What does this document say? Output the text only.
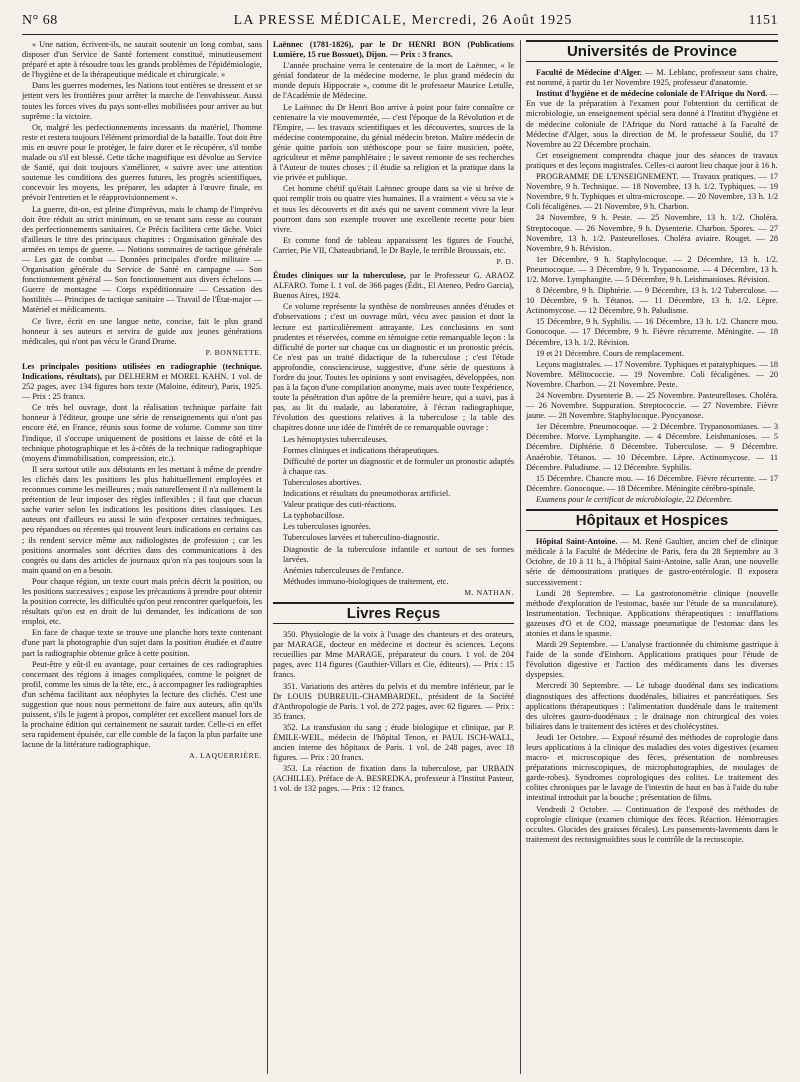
N° 68	LA PRESSE MÉDICALE, Mercredi, 26 Août 1925	1151

« Une nation, écrivent-ils, ne saurait soutenir un long combat, sans disposer d'un Service de Santé fortement constitué, minutieusement préparé et apte à résoudre tous les grands problèmes de l'épidémiologie, de l'hygiène et de la thérapeutique médicale et chirurgicale. »

Dans les guerres modernes, les Nations tout entières se dressent et se jettent vers les frontières pour arrêter la marche de l'envahisseur. Aussi toutes les forces vives du pays sont-elles mobilisées pour arriver au but suprême : la victoire.

Or, malgré les perfectionnements incessants du matériel, l'homme reste et restera toujours l'élément primordial de la bataille. Tout doit être mis en œuvre pour le protéger, le faire durer et le récupérer, s'il tombe malade ou s'il est blessé. Cette tâche magnifique est dévolue au Service de Santé, qui doit toujours s'améliorer, « suivre avec une attention soutenue les conditions des guerres futures, les progrès scientifiques, concevoir les moyens, les préparer, les adapter à l'œuvre finale, en prévoir l'entretien et le réapprovisionnement ».

La guerre, dit-on, est pleine d'imprévus, mais le champ de l'imprévu doit être réduit au strict minimum, en se tenant sans cesse au courant des perfectionnements sanitaires. Ce Précis facilitera cette tâche. Voici d'ailleurs le titre des principaux chapitres : Organisation générale des armées en temps de guerre. — Notions sommaires de tactique générale — Les gaz de combat — Données principales d'ordre militaire — Organisation générale du Service de Santé en campagne — Son fonctionnement général — Son fonctionnement aux divers échelons — Guerre de montagne — Corps expéditionnaire — Cessation des hostilités — Principes de tactique sanitaire — Travail de l'État-major — Matériel et médicaments.

Ce livre, écrit en une langue nette, concise, fait le plus grand honneur à ses auteurs et servira de guide aux jeunes générations médicales, qui n'ont pas vécu le Grand Drame.

P. BONNETTE.

Les principales positions utilisées en radiographie (technique. Indications, résultats), par DELHERM et MOREL KAHN. 1 vol. de 252 pages, avec 134 figures hors texte (Maloine, éditeur), Paris, 1925. — Prix : 25 francs.

Ce très bel ouvrage, dont la réalisation technique parfaite fait honneur à l'éditeur, groupe une série de renseignements qui n'ont pas encore été, en France, réunis sous forme de volume. Comme son titre l'indique, il s'occupe uniquement de positions et laisse de côté et la technique photographique et les à-côtés de la technique radiographique (moyens d'immobilisation, compression, etc.).

Il sera surtout utile aux débutants en les mettant à même de prendre les clichés dans les positions les plus habituellement employées et reconnues comme les meilleures ; mais naturellement il n'a nullement la prétention de leur imposer des règles inflexibles ; il faut que chacun sache varier selon les indications les positions dites classiques. Les auteurs ont d'ailleurs eu aussi le soin d'exposer certaines techniques, peu répandues ou récentes qui trouvent leurs indications en certains cas ; ils rendent service même aux radiologistes de profession ; car les positions anormales sont décrites dans des communications à des congrès ou dans des articles de journaux qu'on n'a pas toujours sous la main quand on en a besoin.

Pour chaque région, un texte court mais précis décrit la position, ou les positions successives ; expose les précautions à prendre pour obtenir la position correcte, les difficultés qu'on peut rencontrer quelquefois, les résultats qu'on est en droit de lui demander, les indications de son emploi, etc.

En face de chaque texte se trouve une planche hors texte contenant d'une part la photographie d'un sujet dans la position étudiée et d'autre part la radiographie obtenue grâce à cette position.

Peut-être y eût-il eu avantage, pour certaines de ces radiographies concernant des régions à images compliquées, comme le poignet de profil, comme les sinus de la tête, etc., à accompagner les radiographies d'un schéma facilitant aux néophytes la lecture des clichés. C'est une suggestion que nous nous permettons de faire aux auteurs, afin qu'ils puissent, s'ils le jugent à propos, compléter cet excellent manuel lors de la prochaine édition qui certainement ne saurait tarder. Celle-ci en effet sera rapidement épuisée, car elle comble de la façon la plus parfaite une lacune de la littérature radiographique.

A. LAQUERRIÈRE.

Laënnec (1781-1826), par le Dr HENRI BON (Publications Lumière, 15 rue Bossuet), Dijon. — Prix : 3 francs.

L'année prochaine verra le centenaire de la mort de Laënnec, « le génial fondateur de la médecine moderne, le plus grand médecin du monde depuis Hippocrate », comme dit le professeur Maurice Letulle, de l'Académie de Médecine.

Le Laënnec du Dr Henri Bon arrive à point pour faire connaître ce centenaire la vie mouvementée, — c'est l'époque de la Révolution et de l'Empire, — les travaux scientifiques et les découvertes, sources de la médecine contemporaine, du génial médecin breton. Maître médecin de génie quitte parfois son stéthoscope pour se faire musicien, poète, agriculteur et même pamphlétaire ; le savent remonte de ses recherches à l'Auteur de toutes choses ; il étudie sa religion et la pratique dans la vie privée et publique.

Cet homme chétif qu'était Laënnec groupe dans sa vie si brève de quoi remplir trois ou quatre vies humaines. Il a vraiment « vécu sa vie » et tous les découverts et dit axés qui ne savent comment vivre la leur pourront dans son exemple trouver une excellente recette pour bien vivre.

Et comme fond de tableau apparaissent les figures de Fouché, Carrier, Pie VII, Chateaubriand, le Dr Bayle, le terrible Broussais, etc.

P. D.

Études cliniques sur la tuberculose, par le Professeur G. ARAOZ ALFARO. Tome I. 1 vol. de 366 pages (Édit., El Ateneo, Pedro Garcia), Buenos Aires, 1924.

Ce volume représente la synthèse de nombreuses années d'études et d'observations ; c'est un ouvrage mûri, vécu avec passion et dont la lecture est particulièrement attrayante. Les conclusions en sont prudentes et réservées, comme en témoigne cette remarquable leçon : la difficulté de porter sur chaque cas un diagnostic et un pronostic précis. Ce n'est pas un traité didactique de la tuberculose ; c'est l'étude approfondie, consciencieuse, suggestive, d'une série de questions à l'ordre du jour. Toutes les opinions y sont envisagées, développées, non pas à la façon d'une compilation anonyme, mais avec toute l'expérience, toute la pénétration d'un apôtre de la première heure, qui a suivi, pas à pas, au lit du malade, au laboratoire, à l'écran radiographique, l'évolution des questions relatives à la tuberculose ; la table des chapitres donne une idée de l'intérêt de ce remarquable ouvrage :

Les hémoptysies tuberculeuses.

Formes cliniques et indications thérapeutiques.

Difficulté de porter un diagnostic et de formuler un pronostic adaptés à chaque cas.

Tuberculoses abortives.

Indications et résultats du pneumothorax artificiel.

Valeur pratique des cuti-réactions.

La typhobacillose.

Les tuberculoses ignorées.

Tuberculoses larvées et tuberculino-diagnostic.

Diagnostic de la tuberculose infantile et surtout de ses formes larvées.

Anémies tuberculeuses de l'enfance.

Méthodes immuno-biologiques de traitement, etc.

M. NATHAN.
Livres Reçus

350. Physiologie de la voix à l'usage des chanteurs et des orateurs, par MARAGE, docteur en médecine et docteur ès sciences. Leçons recueillies par Mme MARAGE, préparateur du cours. 1 vol. de 204 pages, avec 114 figures (Gauthier-Villars et Cie, éditeurs). — Prix : 15 francs.

351. Variations des artères du pelvis et du membre inférieur, par le Dr LOUIS DUBREUIL-CHAMBARDEL, président de la Société d'Anthropologie de Paris. 1 vol. de 272 pages, avec 62 figures. — Prix : 35 francs.

352. La transfusion du sang ; étude biologique et clinique, par P. ÉMILE-WEIL, médecin de l'hôpital Tenon, et PAUL ISCH-WALL, ancien interne des hôpitaux de Paris. 1 vol. de 248 pages, avec 18 figures. — Prix : 20 francs.

353. La réaction de fixation dans la tuberculose, par URBAIN (ACHILLE). Préface de A. BESREDKA, professeur à l'Institut Pasteur, 1 vol. de 132 pages. — Prix : 12 francs.

Universités de Province

Faculté de Médecine d'Alger. — M. Leblanc, professeur sans chaire, est nommé, à partir du 1er Novembre 1925, professeur d'anatomie.

Institut d'hygiène et de médecine coloniale de l'Afrique du Nord. — En vue de la préparation à l'examen pour l'obtention du certificat de microbiologie, un enseignement spécial sera donné à l'Institut d'hygiène et de médecine coloniale de l'Afrique du Nord rattaché à la Faculté de Médecine d'Alger, sous la direction de M. le professeur Soulié, du 17 Novembre au 22 Décembre prochain.

Cet enseignement comprendra chaque jour des séances de travaux pratiques et des leçons magistrales. Celles-ci auront lieu chaque jour à 16 h.

PROGRAMME DE L'ENSEIGNEMENT. — Travaux pratiques. — 17 Novembre, 9 h. Technique. — 18 Novembre, 13 h. 1/2. Typhiques. — 19 Novembre, 9 h. Typhiques et ultra-microscope. — 20 Novembre, 13 h. 1/2 Coli fécaligènes. — 21 Novembre, 9 h. Charbon.

24 Novembre, 9 h. Peste. — 25 Novembre, 13 h. 1/2. Choléra. Streptocoque. — 26 Novembre, 9 h. Dysenterie. Charbon. Spores. — 27 Novembre, 13 h. 1/2. Pasteurelloses. Choléra aviaire. Rouget. — 28 Novembre, 9 h. Révision.

1er Décembre, 9 h. Staphylocoque. — 2 Décembre, 13 h. 1/2. Pneumocoque. — 3 Décembre, 9 h. Trypanosome. — 4 Décembre, 13 h. 1/2. Morve. Lymphangite. — 5 Décembre, 9 h. Leishmanioses. Révision.

8 Décembre, 9 h. Diphtérie. — 9 Décembre, 13 h. 1/2 Tuberculose. — 10 Décembre, 9 h. Tétanos. — 11 Décembre, 13 h. 1/2. Lèpre. Actinomycose. — 12 Décembre, 9 h. Paludisme.

15 Décembre, 9 h. Syphilis. — 16 Décembre, 13 h. 1/2. Chancre mou. Gonocoque. — 17 Décembre, 9 h. Fièvre récurrente. Méningite. — 18 Décembre, 13 h. 1/2. Révision.

19 et 21 Décembre. Cours de remplacement.

Leçons magistrales. — 17 Novembre. Typhiques et paratyphiques. — 18 Novembre. Mélitococcie. — 19 Novembre. Coli fécaligènes. — 20 Novembre. Charbon. — 21 Novembre. Peste.

24 Novembre. Dysenterie B. — 25 Novembre. Pasteurelloses. Choléra. — 26 Novembre. Suppuration. Streptococcie. — 27 Novembre. Fièvre jaune. — 28 Novembre. Staphylocoque. Pyocyanose.

1er Décembre. Pneumocoque. — 2 Décembre. Trypanosomiases. — 3 Décembre. Morve. Lymphangite. — 4 Décembre. Leishmanioses. — 5 Décembre. Diphtérie. 8 Décembre. Tuberculose. — 9 Décembre. Anaérobie. Tétanos. — 10 Décembre. Lèpre. Actinomycose. — 11 Décembre. Paludisme. — 12 Décembre. Syphilis.

15 Décembre. Chancre mou. — 16 Décembre. Fièvre récurrente. — 17 Décembre. Gonocoque. — 18 Décembre. Méningite cérébro-spinale.

Examens pour le certificat de microbiologie, 22 Décembre.

Hôpitaux et Hospices

Hôpital Saint-Antoine. — M. René Gaultier, ancien chef de clinique médicale à la Faculté de Médecine de Paris, fera du 28 Septembre au 3 Octobre, de 10 à 11 h., à l'hôpital Saint-Antoine, salle Aran, une nouvelle série de démonstrations pratiques de gastro-entérologie. Il exposera successivement :

Lundi 28 Septembre. — La gastrotonométrie clinique (nouvelle méthode d'exploration de l'estomac, basée sur l'étude de sa musculature). Instrumentation. Technique. Applications thérapeutiques : insufflations gazeuses d'O et de CO2, massage pneumatique de l'estomac dans les atonies et dans le spasme.

Mardi 29 Septembre. — L'analyse fractionnée du chimisme gastrique à l'aide de la sonde d'Einhorn. Applications pratiques pour l'étude de l'évolution digestive et l'action des médicaments dans les diverses dyspepsies.

Mercredi 30 Septembre. — Le tubage duodénal dans ses indications diagnostiques des affections duodénales, biliaires et pancréatiques. Ses applications thérapeutiques : l'alimentation duodénale dans le traitement des ulcères gastro-duodénaux ; le drainage non chirurgical des voies biliaires dans le traitement des ictères et des cholécystites.

Jeudi 1er Octobre. — Exposé résumé des méthodes de coprologie dans leurs applications à la clinique des maladies des voies digestives (examen macro- et microscopique des fèces, présentation de nombreuses préparations microscopiques, de microphotographies, de moulages de garde-robes). Syndromes coprologiques des colites. Le traitement des colites chroniques par le lavage de l'intestin de haut en bas à l'aide du tube intestinal introduit par la bouche ; présentation de films.

Vendredi 2 Octobre. — Continuation de l'exposé des méthodes de coprologie clinique (examen chimique des fèces. Réaction. Hémorragies occultes. Glucides des graisses fécales). Les pansements-lavements dans le traitement des rectosigmoïdites sous le contrôle de la rectoscopie.
